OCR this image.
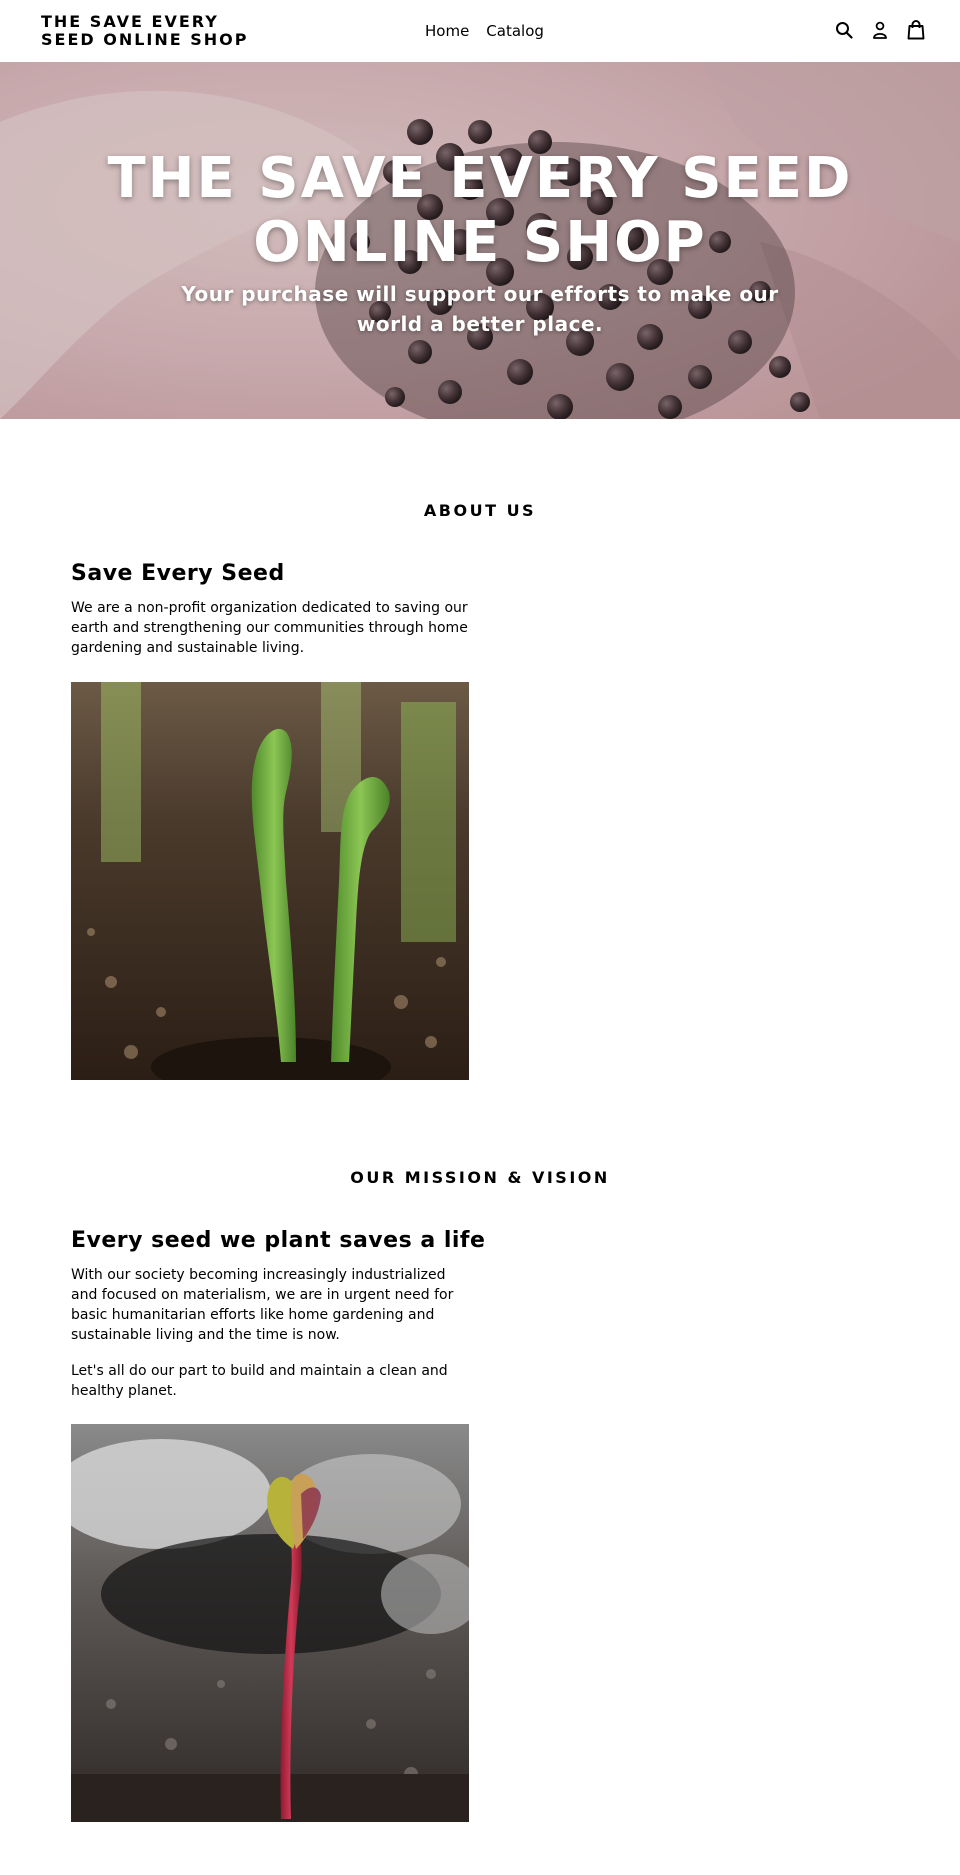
THE SAVE EVERY SEED ONLINE SHOP	Home Catalog
THE SAVE EVERY SEED ONLINE SHOP

Your purchase will support our efforts to make our world a better place.

ABOUT US
Save Every Seed

We are a non-profit organization dedicated to saving our earth and strengthening our communities through home gardening and sustainable living.

OUR MISSION & VISION
Every seed we plant saves a life

With our society becoming increasingly industrialized and focused on materialism, we are in urgent need for basic humanitarian efforts like home gardening and sustainable living and the time is now.

Let's all do our part to build and maintain a clean and healthy planet.
